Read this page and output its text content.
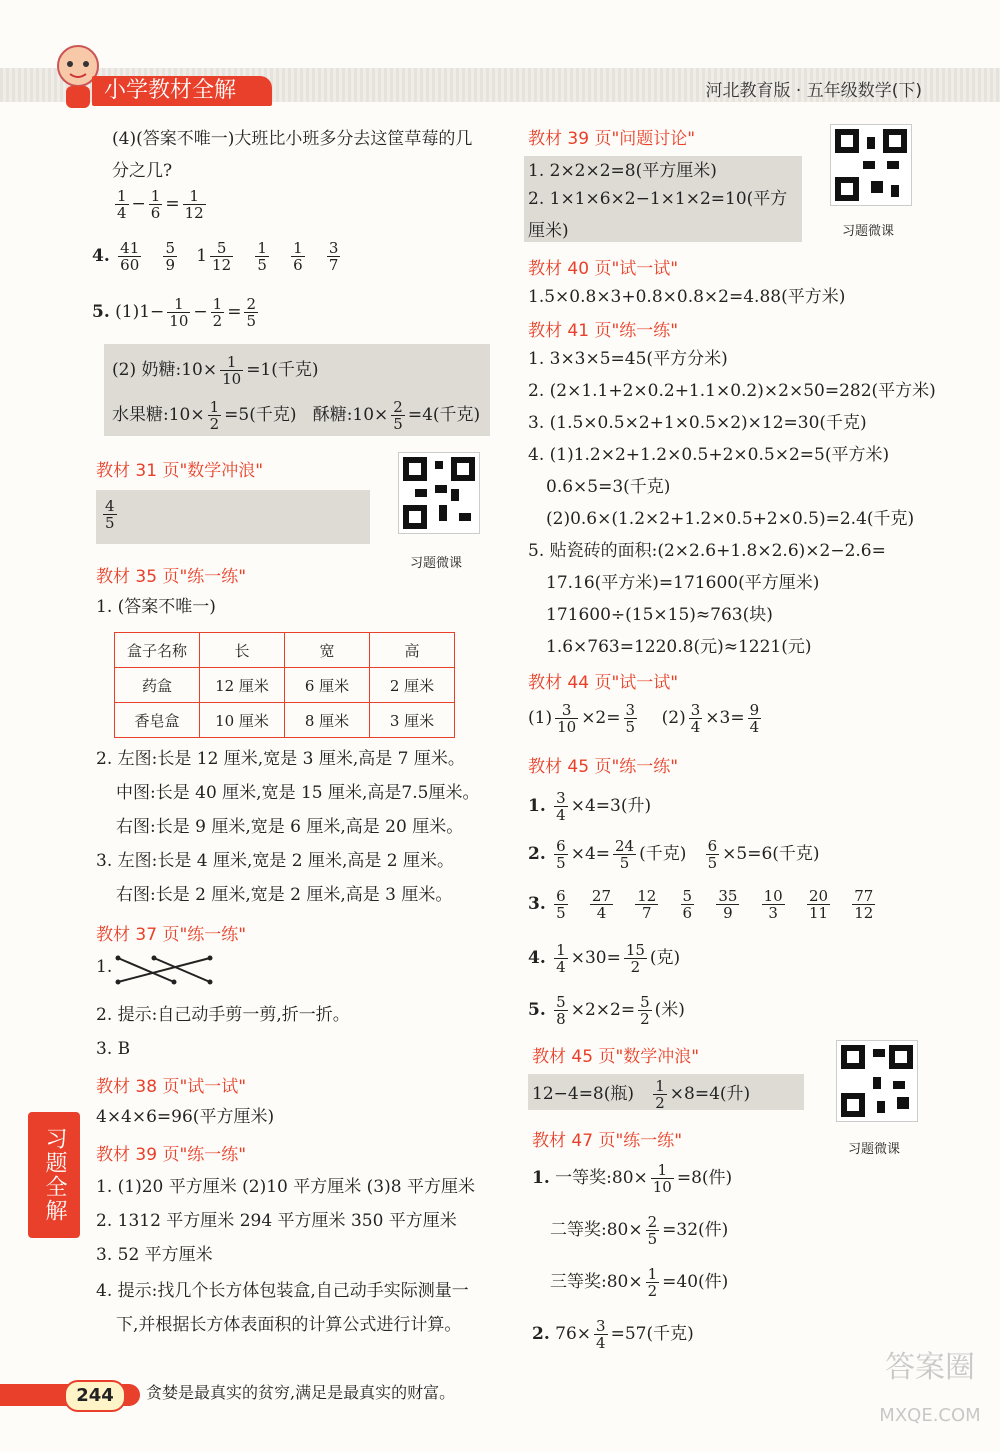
小学教材全解	河北教育版 · 五年级数学(下)
(4)(答案不唯一)大班比小班多分去这筐草莓的几
分之几?
$\frac{1}{4} - \frac{1}{6} = \frac{1}{12}$
4. $\frac{41}{60}$
$\frac{5}{9} 1 \frac{5}{12}$
$\frac{1}{5}$
$\frac{1}{6}$
$\frac{3}{7}$
5. $(1)1- \frac{1}{10} - \frac{1}{2} = \frac{2}{5}$
(2) 奶糖:10× $\frac{1}{10} =1$(千克)
水果糖:10× $\frac{1}{2} =5$(千克)   酥糖:10× $\frac{2}{5} =4$(千克)
教材 31 页"数学冲浪"
$\frac{4}{5}$
习题微课
教材 35 页"练一练"
1. (答案不唯一)
盒子名称	长	宽	高
药盒	12 厘米	6 厘米	2 厘米
香皂盒	10 厘米	8 厘米	3 厘米
2. 左图:长是 12 厘米,宽是 3 厘米,高是 7 厘米。
中图:长是 40 厘米,宽是 15 厘米,高是7.5厘米。
右图:长是 9 厘米,宽是 6 厘米,高是 20 厘米。
3. 左图:长是 4 厘米,宽是 2 厘米,高是 2 厘米。
右图:长是 2 厘米,宽是 2 厘米,高是 3 厘米。
教材 37 页"练一练"
1.
2. 提示:自己动手剪一剪,折一折。
3. B
教材 38 页"试一试"
4×4×6=96(平方厘米)
教材 39 页"练一练"
1. (1)20 平方厘米 (2)10 平方厘米 (3)8 平方厘米
2. 1312 平方厘米 294 平方厘米 350 平方厘米
3. 52 平方厘米
4. 提示:找几个长方体包装盒,自己动手实际测量一
下,并根据长方体表面积的计算公式进行计算。
习题全解
教材 39 页"问题讨论"
1. 2×2×2=8(平方厘米)
2. 1×1×6×2−1×1×2=10(平方
厘米)	习题微课
教材 40 页"试一试"
1.5×0.8×3+0.8×0.8×2=4.88(平方米)
教材 41 页"练一练"
1. 3×3×5=45(平方分米)
2. (2×1.1+2×0.2+1.1×0.2)×2×50=282(平方米)
3. (1.5×0.5×2+1×0.5×2)×12=30(千克)
4. (1)1.2×2+1.2×0.5+2×0.5×2=5(平方米)
0.6×5=3(千克)
(2)0.6×(1.2×2+1.2×0.5+2×0.5)=2.4(千克)
5. 贴瓷砖的面积:(2×2.6+1.8×2.6)×2−2.6=
17.16(平方米)=171600(平方厘米)
171600÷(15×15)≈763(块)
1.6×763=1220.8(元)≈1221(元)
教材 44 页"试一试"
$(1) \frac{3}{10} \times 2= \frac{3}{5} (2) \frac{3}{4} \times 3= \frac{9}{4}$
教材 45 页"练一练"
1. $\frac{3}{4} \times 4=3$(升)
2. $\frac{6}{5} \times 4= \frac{24}{5}$ (千克) $\frac{6}{5} \times 5=6$(千克)
3. $\frac{6}{5}$
$\frac{27}{4}$
$\frac{12}{7}$
$\frac{5}{6}$
$\frac{35}{9}$
$\frac{10}{3}$
$\frac{20}{11}$
$\frac{77}{12}$
4. $\frac{1}{4} \times 30= \frac{15}{2}$ (克)
5. $\frac{5}{8} \times 2\times 2= \frac{5}{2}$ (米)
教材 45 页"数学冲浪"
12−4=8(瓶) $\frac{1}{2} \times 8=4$(升)
习题微课
教材 47 页"练一练"
1. 一等奖:80× $\frac{1}{10} =8$(件)
二等奖:80× $\frac{2}{5} =32$(件)
三等奖:80× $\frac{1}{2} =40$(件)
2. $76\times \frac{3}{4} =57$(千克)
244	贪婪是最真实的贫穷,满足是最真实的财富。
答案圈
MXQE.COM
